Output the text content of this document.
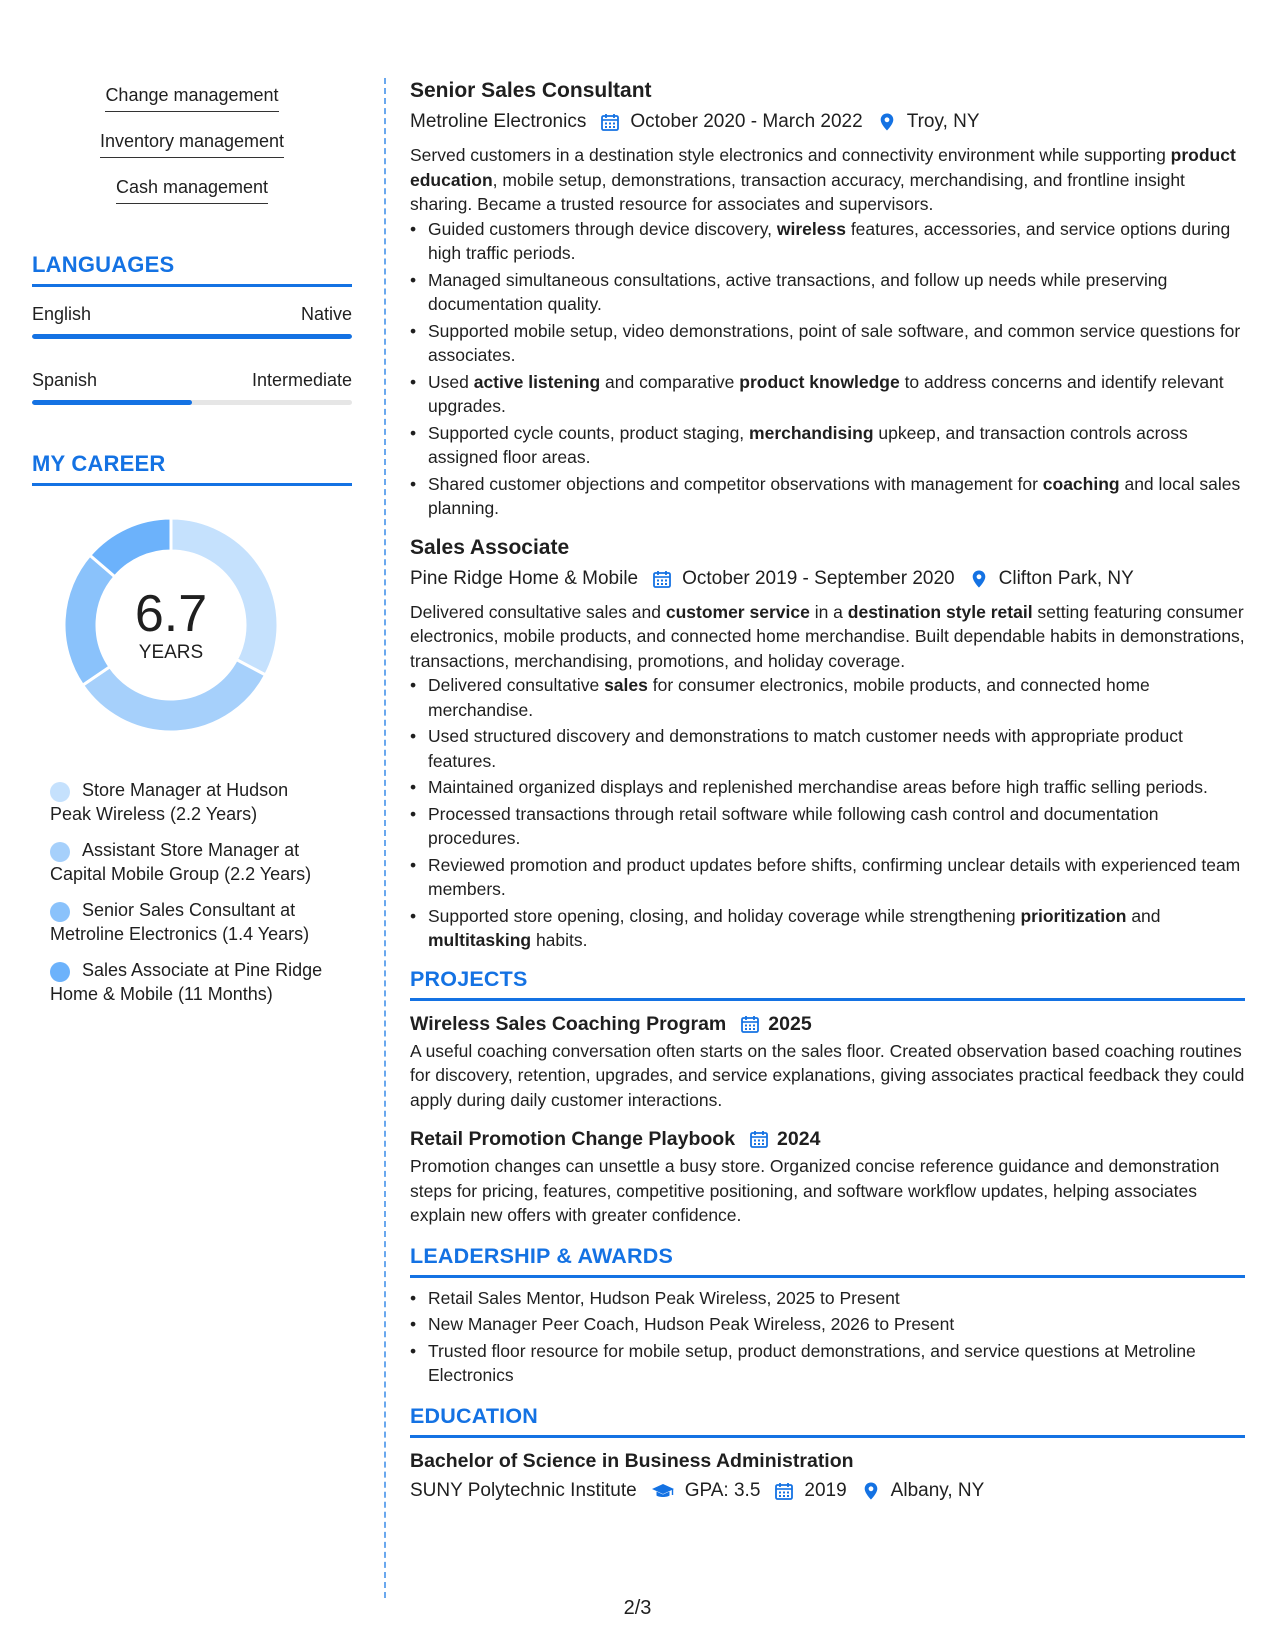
Change management
Inventory management
Cash management
LANGUAGES
English	Native
Spanish	Intermediate
MY CAREER
6.7
YEARS
Store Manager at Hudson Peak Wireless (2.2 Years)
Assistant Store Manager at Capital Mobile Group (2.2 Years)
Senior Sales Consultant at Metroline Electronics (1.4 Years)
Sales Associate at Pine Ridge Home & Mobile (11 Months)
Senior Sales Consultant
Metroline Electronics October 2020 - March 2022 Troy, NY
Served customers in a destination style electronics and connectivity environment while supporting product education, mobile setup, demonstrations, transaction accuracy, merchandising, and frontline insight sharing. Became a trusted resource for associates and supervisors.
• Guided customers through device discovery, wireless features, accessories, and service options during high traffic periods.
• Managed simultaneous consultations, active transactions, and follow up needs while preserving documentation quality.
• Supported mobile setup, video demonstrations, point of sale software, and common service questions for associates.
• Used active listening and comparative product knowledge to address concerns and identify relevant upgrades.
• Supported cycle counts, product staging, merchandising upkeep, and transaction controls across assigned floor areas.
• Shared customer objections and competitor observations with management for coaching and local sales planning.
Sales Associate
Pine Ridge Home & Mobile October 2019 - September 2020 Clifton Park, NY
Delivered consultative sales and customer service in a destination style retail setting featuring consumer electronics, mobile products, and connected home merchandise. Built dependable habits in demonstrations, transactions, merchandising, promotions, and holiday coverage.
• Delivered consultative sales for consumer electronics, mobile products, and connected home merchandise.
• Used structured discovery and demonstrations to match customer needs with appropriate product features.
• Maintained organized displays and replenished merchandise areas before high traffic selling periods.
• Processed transactions through retail software while following cash control and documentation procedures.
• Reviewed promotion and product updates before shifts, confirming unclear details with experienced team members.
• Supported store opening, closing, and holiday coverage while strengthening prioritization and multitasking habits.
PROJECTS
Wireless Sales Coaching Program 2025
A useful coaching conversation often starts on the sales floor. Created observation based coaching routines for discovery, retention, upgrades, and service explanations, giving associates practical feedback they could apply during daily customer interactions.
Retail Promotion Change Playbook 2024
Promotion changes can unsettle a busy store. Organized concise reference guidance and demonstration steps for pricing, features, competitive positioning, and software workflow updates, helping associates explain new offers with greater confidence.
LEADERSHIP & AWARDS
• Retail Sales Mentor, Hudson Peak Wireless, 2025 to Present
• New Manager Peer Coach, Hudson Peak Wireless, 2026 to Present
• Trusted floor resource for mobile setup, product demonstrations, and service questions at Metroline Electronics
EDUCATION
Bachelor of Science in Business Administration
SUNY Polytechnic Institute	GPA: 3.5 2019 Albany, NY
2/3
